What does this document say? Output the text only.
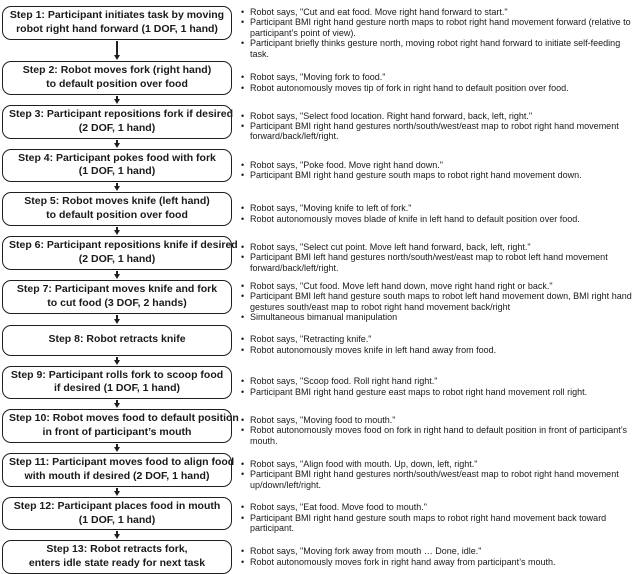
Step 1: Participant initiates task by moving
robot right hand forward (1 DOF, 1 hand)
• Robot says, "Cut and eat food. Move right hand forward to start."
• Participant BMI right hand gesture north maps to robot right hand movement forward (relative to participant’s point of view).
• Participant briefly thinks gesture north, moving robot right hand forward to initiate self-feeding task.
Step 2: Robot moves fork (right hand)
to default position over food
• Robot says, "Moving fork to food."
• Robot autonomously moves tip of fork in right hand to default position over food.
Step 3: Participant repositions fork if desired
(2 DOF, 1 hand)
• Robot says, "Select food location. Right hand forward, back, left, right."
• Participant BMI right hand gestures north/south/west/east map to robot right hand movement forward/back/left/right.
Step 4: Participant pokes food with fork
(1 DOF, 1 hand)
• Robot says, "Poke food. Move right hand down."
• Participant BMI right hand gesture south maps to robot right hand movement down.
Step 5: Robot moves knife (left hand)
to default position over food
• Robot says, "Moving knife to left of fork."
• Robot autonomously moves blade of knife in left hand to default position over food.
Step 6: Participant repositions knife if desired
(2 DOF, 1 hand)
• Robot says, "Select cut point. Move left hand forward, back, left, right."
• Participant BMI left hand gestures north/south/west/east map to robot left hand movement forward/back/left/right.
Step 7: Participant moves knife and fork
to cut food (3 DOF, 2 hands)
• Robot says, "Cut food. Move left hand down, move right hand right or back."
• Participant BMI left hand gesture south maps to robot left hand movement down, BMI right hand gestures south/east map to robot right hand movement back/right
• Simultaneous bimanual manipulation
Step 8: Robot retracts knife	• Robot says, "Retracting knife."
• Robot autonomously moves knife in left hand away from food.
Step 9: Participant rolls fork to scoop food
if desired (1 DOF, 1 hand)
• Robot says, "Scoop food. Roll right hand right."
• Participant BMI right hand gesture east maps to robot right hand movement roll right.
Step 10: Robot moves food to default position
in front of participant’s mouth
• Robot says, "Moving food to mouth."
• Robot autonomously moves food on fork in right hand to default position in front of participant’s mouth.
Step 11: Participant moves food to align food
with mouth if desired (2 DOF, 1 hand)
• Robot says, "Align food with mouth. Up, down, left, right."
• Participant BMI right hand gestures north/south/west/east map to robot right hand movement up/down/left/right.
Step 12: Participant places food in mouth
(1 DOF, 1 hand)
• Robot says, "Eat food. Move food to mouth."
• Participant BMI right hand gesture south maps to robot right hand movement back toward participant.
Step 13: Robot retracts fork,
enters idle state ready for next task
• Robot says, "Moving fork away from mouth … Done, idle."
• Robot autonomously moves fork in right hand away from participant’s mouth.
